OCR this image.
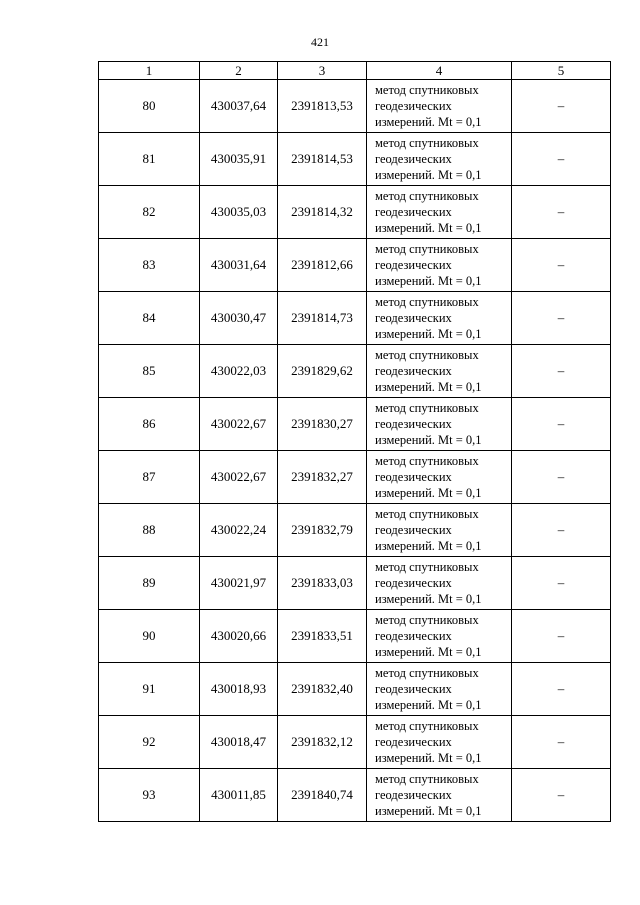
421
1	2	3	4	5
80	430037,64	2391813,53	метод спутниковых
геодезических
измерений. Mt = 0,1	–
81	430035,91	2391814,53	метод спутниковых
геодезических
измерений. Mt = 0,1	–
82	430035,03	2391814,32	метод спутниковых
геодезических
измерений. Mt = 0,1	–
83	430031,64	2391812,66	метод спутниковых
геодезических
измерений. Mt = 0,1	–
84	430030,47	2391814,73	метод спутниковых
геодезических
измерений. Mt = 0,1	–
85	430022,03	2391829,62	метод спутниковых
геодезических
измерений. Mt = 0,1	–
86	430022,67	2391830,27	метод спутниковых
геодезических
измерений. Mt = 0,1	–
87	430022,67	2391832,27	метод спутниковых
геодезических
измерений. Mt = 0,1	–
88	430022,24	2391832,79	метод спутниковых
геодезических
измерений. Mt = 0,1	–
89	430021,97	2391833,03	метод спутниковых
геодезических
измерений. Mt = 0,1	–
90	430020,66	2391833,51	метод спутниковых
геодезических
измерений. Mt = 0,1	–
91	430018,93	2391832,40	метод спутниковых
геодезических
измерений. Mt = 0,1	–
92	430018,47	2391832,12	метод спутниковых
геодезических
измерений. Mt = 0,1	–
93	430011,85	2391840,74	метод спутниковых
геодезических
измерений. Mt = 0,1	–
